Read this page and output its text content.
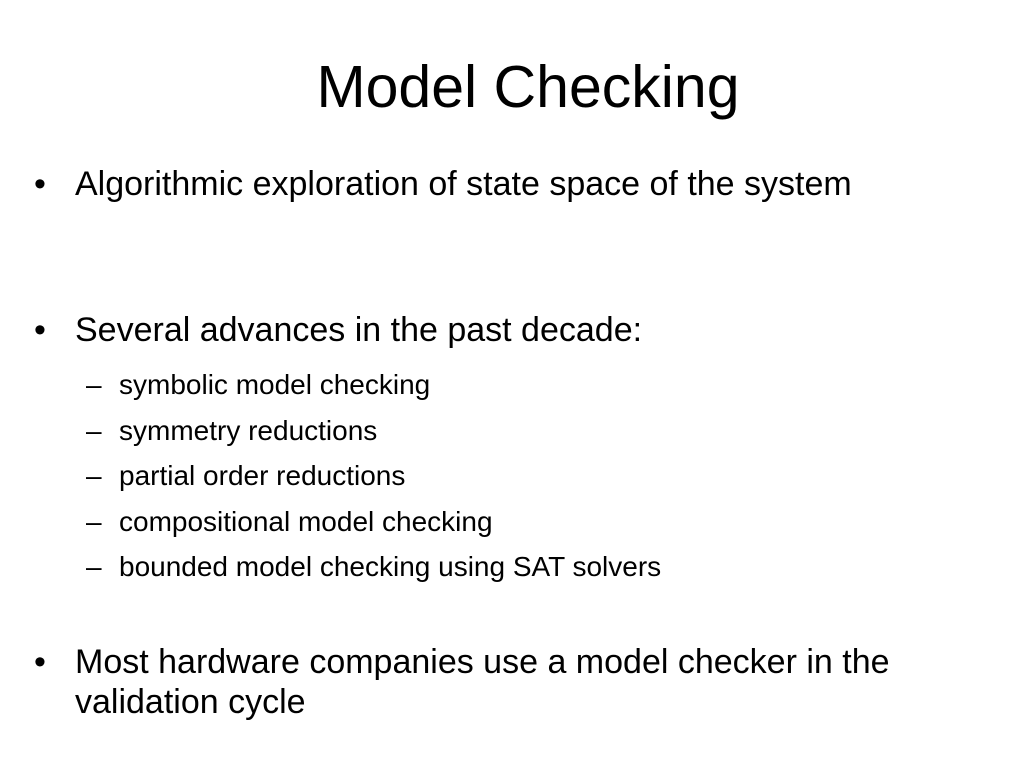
Model Checking
• Algorithmic exploration of state space of the system
• Several advances in the past decade:
– symbolic model checking
– symmetry reductions
– partial order reductions
– compositional model checking
– bounded model checking using SAT solvers
• Most hardware companies use a model checker in the validation cycle
